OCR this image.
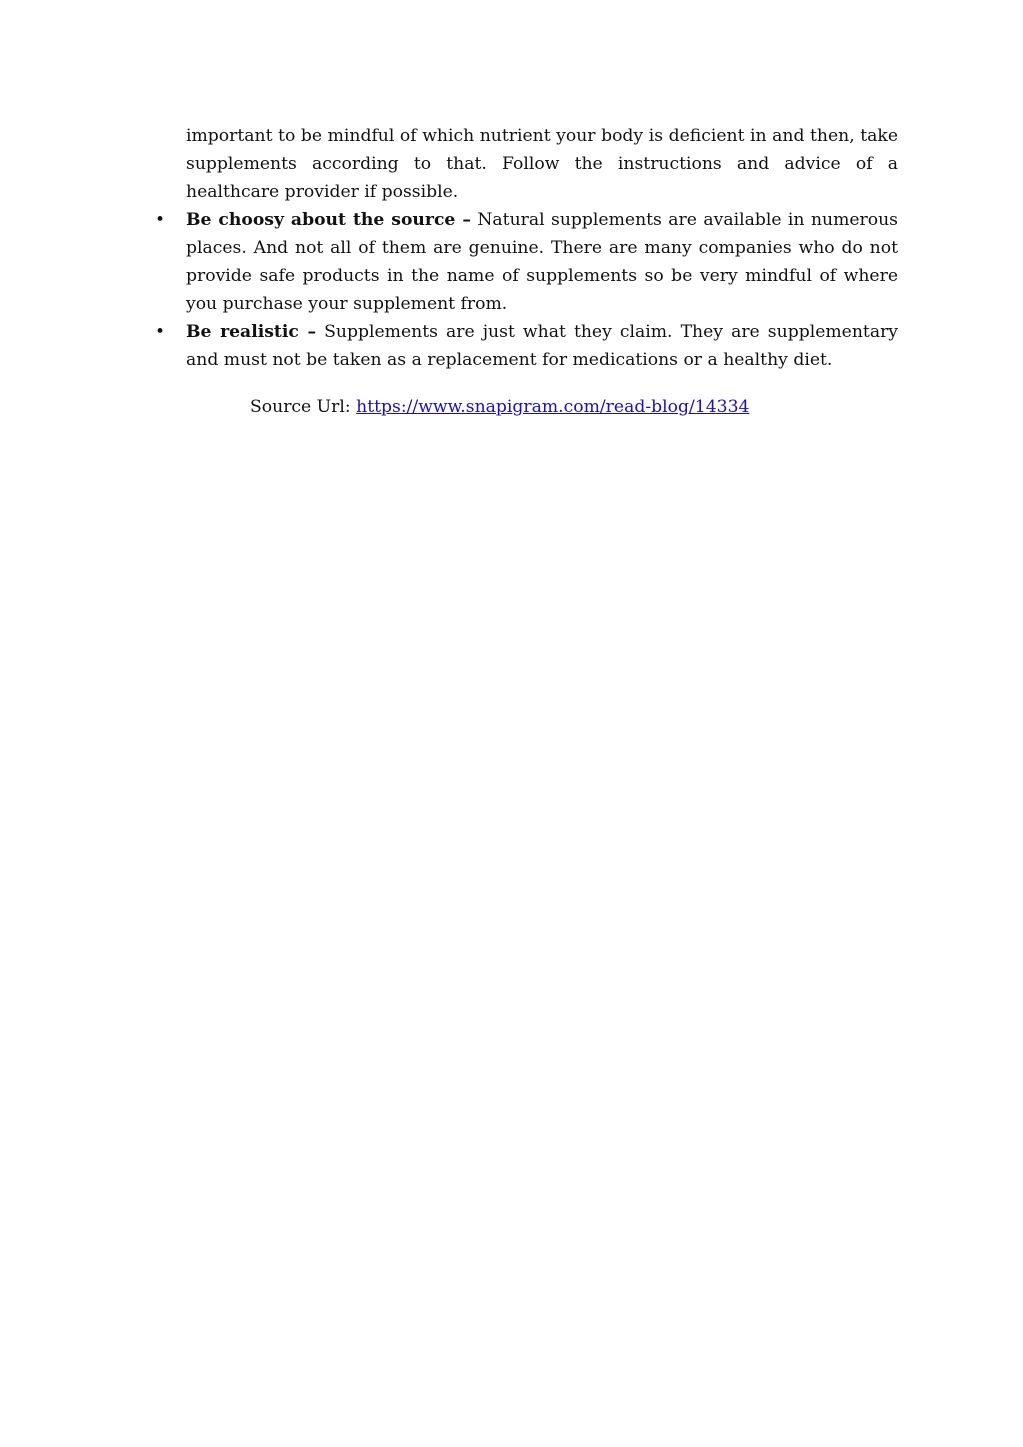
important to be mindful of which nutrient your body is deficient in and then, take supplements according to that. Follow the instructions and advice of a healthcare provider if possible.

• Be choosy about the source – Natural supplements are available in numerous places. And not all of them are genuine. There are many companies who do not provide safe products in the name of supplements so be very mindful of where you purchase your supplement from.

• Be realistic – Supplements are just what they claim. They are supplementary and must not be taken as a replacement for medications or a healthy diet.

Source Url: https://www.snapigram.com/read-blog/14334
